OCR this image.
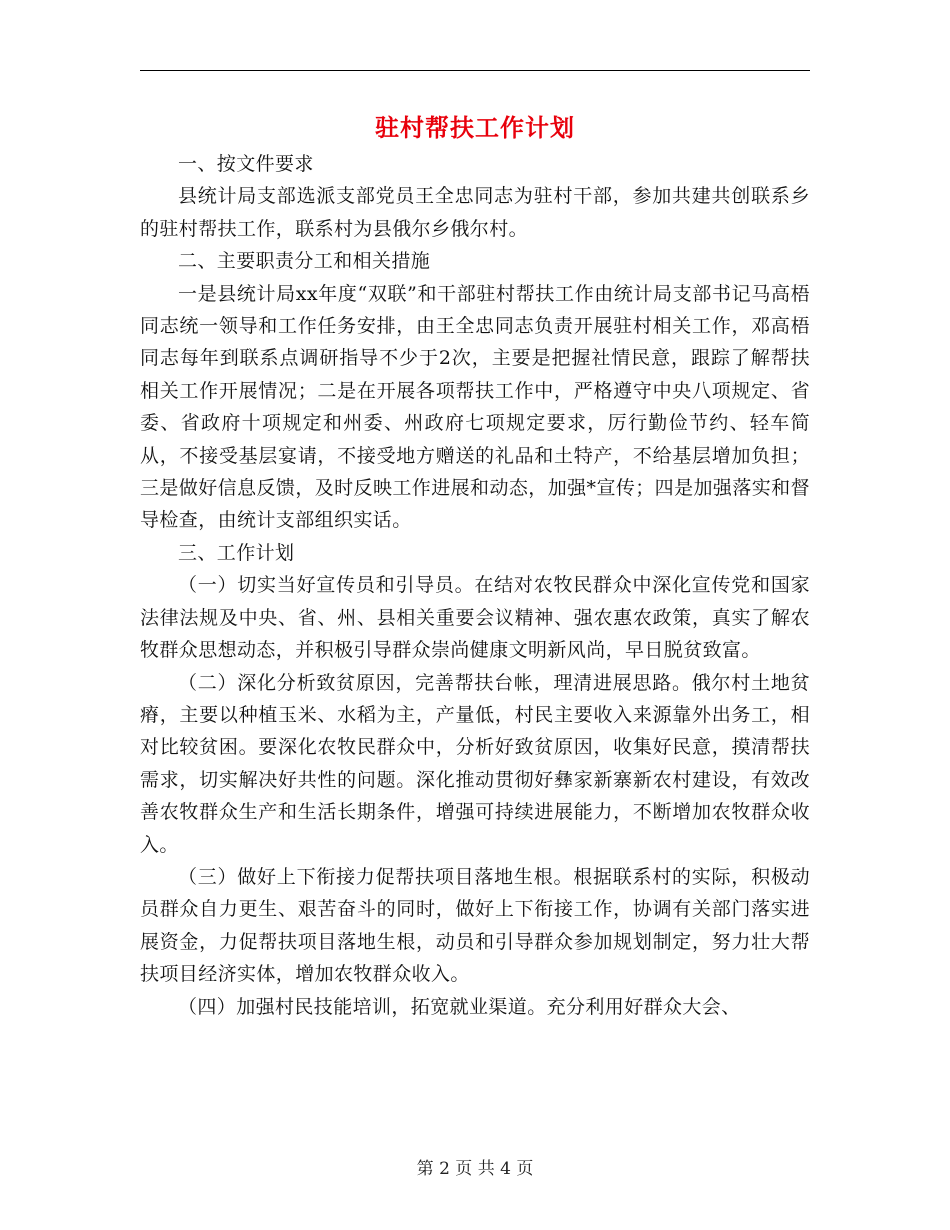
驻村帮扶工作计划

一、按文件要求

县统计局支部选派支部党员王全忠同志为驻村干部，参加共建共创联系乡的驻村帮扶工作，联系村为县俄尔乡俄尔村。

二、主要职责分工和相关措施

一是县统计局xx年度“双联”和干部驻村帮扶工作由统计局支部书记马高梧同志统一领导和工作任务安排，由王全忠同志负责开展驻村相关工作，邓高梧同志每年到联系点调研指导不少于2次，主要是把握社情民意，跟踪了解帮扶相关工作开展情况；二是在开展各项帮扶工作中，严格遵守中央八项规定、省委、省政府十项规定和州委、州政府七项规定要求，厉行勤俭节约、轻车简从，不接受基层宴请，不接受地方赠送的礼品和土特产，不给基层增加负担；三是做好信息反馈，及时反映工作进展和动态，加强*宣传；四是加强落实和督导检查，由统计支部组织实话。

三、工作计划

（一）切实当好宣传员和引导员。在结对农牧民群众中深化宣传党和国家法律法规及中央、省、州、县相关重要会议精神、强农惠农政策，真实了解农牧群众思想动态，并积极引导群众崇尚健康文明新风尚，早日脱贫致富。

（二）深化分析致贫原因，完善帮扶台帐，理清进展思路。俄尔村土地贫瘠，主要以种植玉米、水稻为主，产量低，村民主要收入来源靠外出务工，相对比较贫困。要深化农牧民群众中，分析好致贫原因，收集好民意，摸清帮扶需求，切实解决好共性的问题。深化推动贯彻好彝家新寨新农村建设，有效改善农牧群众生产和生活长期条件，增强可持续进展能力，不断增加农牧群众收入。

（三）做好上下衔接力促帮扶项目落地生根。根据联系村的实际，积极动员群众自力更生、艰苦奋斗的同时，做好上下衔接工作，协调有关部门落实进展资金，力促帮扶项目落地生根，动员和引导群众参加规划制定，努力壮大帮扶项目经济实体，增加农牧群众收入。

（四）加强村民技能培训，拓宽就业渠道。充分利用好群众大会、

第 2 页 共 4 页
